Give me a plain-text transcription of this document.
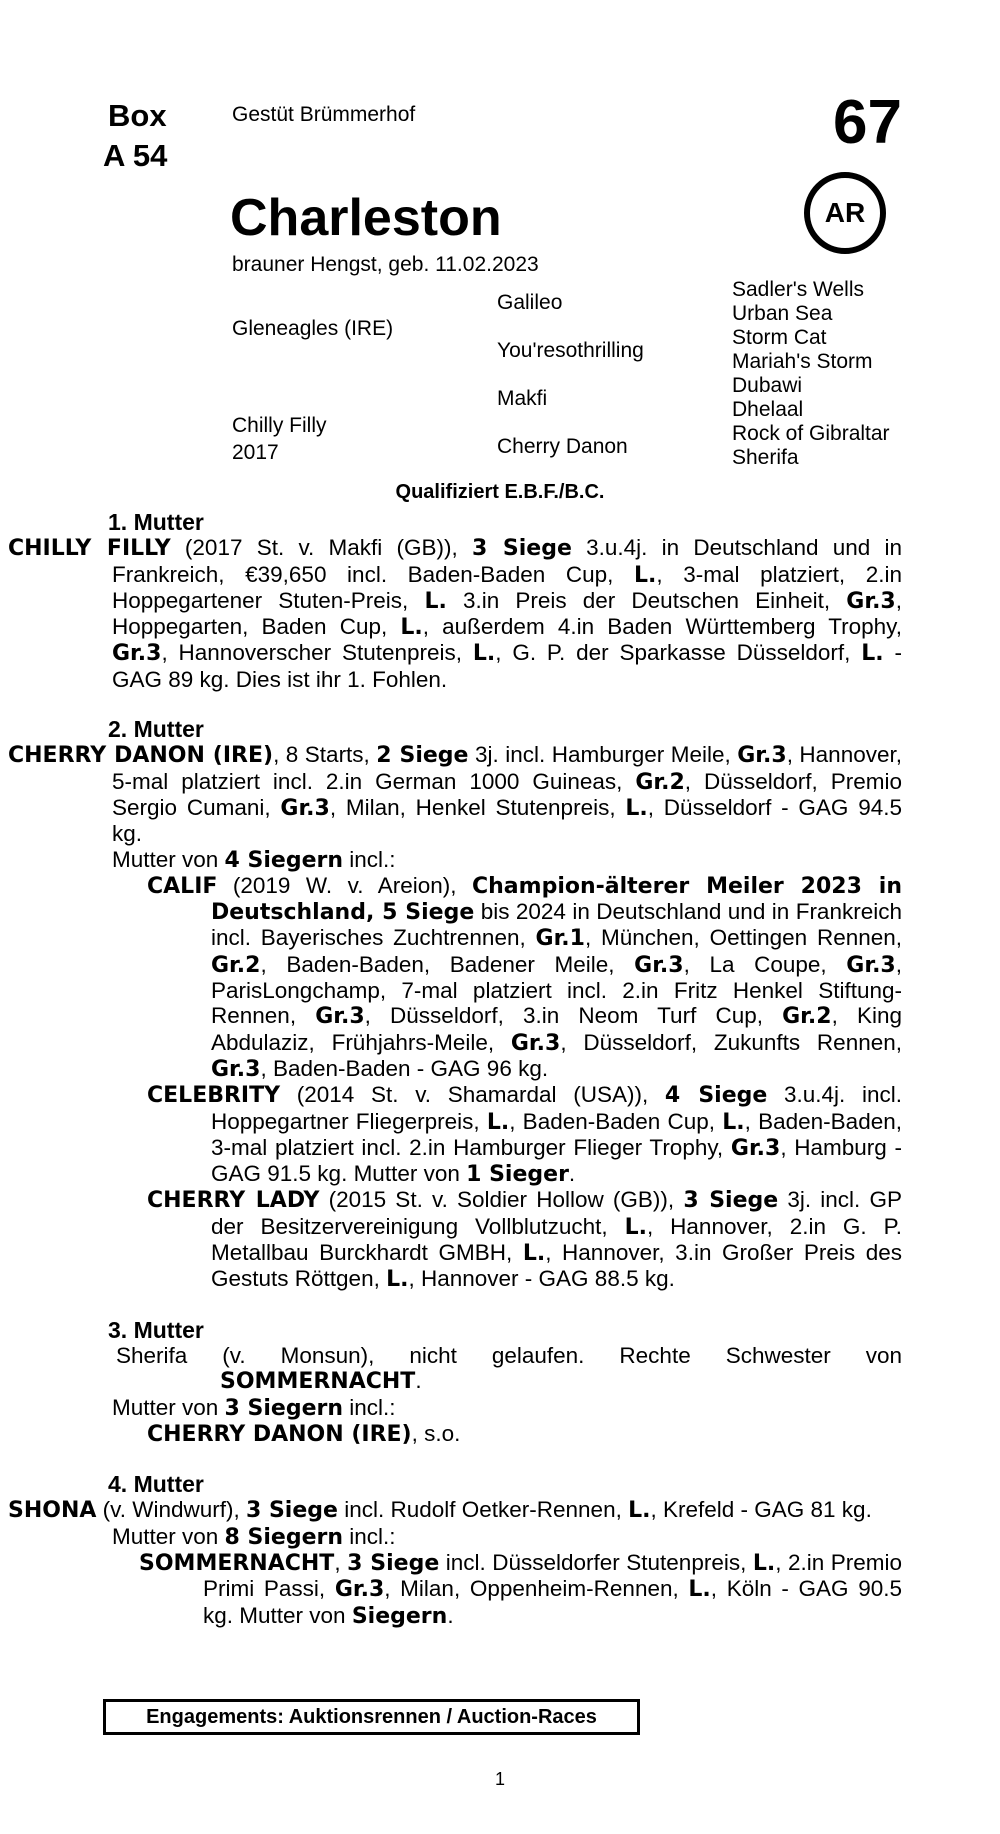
Box
A 54
Gestüt Brümmerhof	67
AR
Charleston
brauner Hengst, geb. 11.02.2023
Gleneagles (IRE)
Chilly Filly
2017
Galileo
You'resothrilling
Makfi
Cherry Danon
Sadler's Wells
Urban Sea
Storm Cat
Mariah's Storm
Dubawi
Dhelaal
Rock of Gibraltar
Sherifa
Qualifiziert E.B.F./B.C.

1. Mutter

CHILLY FILLY (2017 St. v. Makfi (GB)), 3 Siege 3.u.4j. in Deutschland und in Frankreich, €39,650 incl. Baden-Baden Cup, L., 3-mal platziert, 2.in Hoppegartener Stuten-Preis, L. 3.in Preis der Deutschen Einheit, Gr.3, Hoppegarten, Baden Cup, L., außerdem 4.in Baden Württemberg Trophy, Gr.3, Hannoverscher Stutenpreis, L., G. P. der Sparkasse Düsseldorf, L. - GAG 89 kg. Dies ist ihr 1. Fohlen.

2. Mutter

CHERRY DANON (IRE), 8 Starts, 2 Siege 3j. incl. Hamburger Meile, Gr.3, Hannover, 5-mal platziert incl. 2.in German 1000 Guineas, Gr.2, Düsseldorf, Premio Sergio Cumani, Gr.3, Milan, Henkel Stutenpreis, L., Düsseldorf - GAG 94.5 kg.

Mutter von 4 Siegern incl.:

CALIF (2019 W. v. Areion), Champion-älterer Meiler 2023 in Deutschland, 5 Siege bis 2024 in Deutschland und in Frankreich incl. Bayerisches Zuchtrennen, Gr.1, München, Oettingen Rennen, Gr.2, Baden-Baden, Badener Meile, Gr.3, La Coupe, Gr.3, ParisLongchamp, 7-mal platziert incl. 2.in Fritz Henkel Stiftung-Rennen, Gr.3, Düsseldorf, 3.in Neom Turf Cup, Gr.2, King Abdulaziz, Frühjahrs-Meile, Gr.3, Düsseldorf, Zukunfts Rennen, Gr.3, Baden-Baden - GAG 96 kg.

CELEBRITY (2014 St. v. Shamardal (USA)), 4 Siege 3.u.4j. incl. Hoppegartner Fliegerpreis, L., Baden-Baden Cup, L., Baden-Baden, 3-mal platziert incl. 2.in Hamburger Flieger Trophy, Gr.3, Hamburg - GAG 91.5 kg. Mutter von 1 Sieger.

CHERRY LADY (2015 St. v. Soldier Hollow (GB)), 3 Siege 3j. incl. GP der Besitzervereinigung Vollblutzucht, L., Hannover, 2.in G. P. Metallbau Burckhardt GMBH, L., Hannover, 3.in Großer Preis des Gestuts Röttgen, L., Hannover - GAG 88.5 kg.

3. Mutter

Sherifa (v. Monsun), nicht gelaufen. Rechte Schwester von SOMMERNACHT.

Mutter von 3 Siegern incl.:

CHERRY DANON (IRE), s.o.

4. Mutter

SHONA (v. Windwurf), 3 Siege incl. Rudolf Oetker-Rennen, L., Krefeld - GAG 81 kg.

Mutter von 8 Siegern incl.:

SOMMERNACHT, 3 Siege incl. Düsseldorfer Stutenpreis, L., 2.in Premio Primi Passi, Gr.3, Milan, Oppenheim-Rennen, L., Köln - GAG 90.5 kg. Mutter von Siegern.

Engagements: Auktionsrennen / Auction-Races
1
